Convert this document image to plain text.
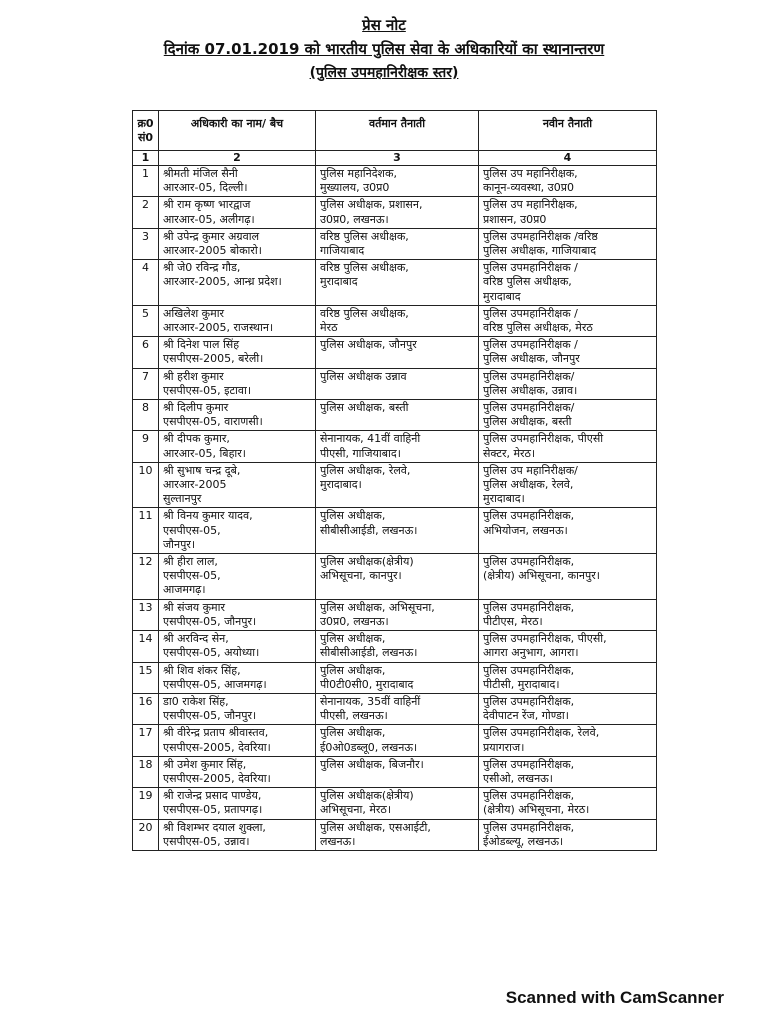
प्रेस नोट
दिनांक 07.01.2019 को भारतीय पुलिस सेवा के अधिकारियों का स्थानान्तरण
(पुलिस उपमहानिरीक्षक स्तर)
क्र0 सं0	अधिकारी का नाम/ बैच	वर्तमान तैनाती	नवीन तैनाती
1	2	3	4
1	श्रीमती मंजिल सैनी
आरआर-05, दिल्ली।	पुलिस महानिदेशक,
मुख्यालय, उ0प्र0	पुलिस उप महानिरीक्षक,
कानून-व्यवस्था, उ0प्र0

2	श्री राम कृष्ण भारद्वाज
आरआर-05, अलीगढ़।	पुलिस अधीक्षक, प्रशासन,
उ0प्र0, लखनऊ।	पुलिस उप महानिरीक्षक,
प्रशासन, उ0प्र0

3	श्री उपेन्द्र कुमार अग्रवाल
आरआर-2005 बोकारो।	वरिष्ठ पुलिस अधीक्षक,
गाजियाबाद	पुलिस उपमहानिरीक्षक /वरिष्ठ
पुलिस अधीक्षक, गाजियाबाद

4	श्री जे0 रविन्द्र गौड,
आरआर-2005, आन्ध्र प्रदेश।	वरिष्ठ पुलिस अधीक्षक,
मुरादाबाद	पुलिस उपमहानिरीक्षक /
वरिष्ठ पुलिस अधीक्षक,
मुरादाबाद

5	अखिलेश कुमार
आरआर-2005, राजस्थान।	वरिष्ठ पुलिस अधीक्षक,
मेरठ	पुलिस उपमहानिरीक्षक /
वरिष्ठ पुलिस अधीक्षक, मेरठ

6	श्री दिनेश पाल सिंह
एसपीएस-2005, बरेली।	पुलिस अधीक्षक, जौनपुर	पुलिस उपमहानिरीक्षक /
पुलिस अधीक्षक, जौनपुर

7	श्री हरीश कुमार
एसपीएस-05, इटावा।	पुलिस अधीक्षक उन्नाव	पुलिस उपमहानिरीक्षक/
पुलिस अधीक्षक, उन्नाव।

8	श्री दिलीप कुमार
एसपीएस-05, वाराणसी।	पुलिस अधीक्षक, बस्ती	पुलिस उपमहानिरीक्षक/
पुलिस अधीक्षक, बस्ती

9	श्री दीपक कुमार,
आरआर-05, बिहार।	सेनानायक, 41वीं वाहिनी
पीएसी, गाजियाबाद।	पुलिस उपमहानिरीक्षक, पीएसी
सेक्टर, मेरठ।

10	श्री सुभाष चन्द्र दूबे,
आरआर-2005
सुल्तानपुर	पुलिस अधीक्षक, रेलवे,
मुरादाबाद।	पुलिस उप महानिरीक्षक/
पुलिस अधीक्षक, रेलवे,
मुरादाबाद।

11	श्री विनय कुमार यादव,
एसपीएस-05,
जौनपुर।	पुलिस अधीक्षक,
सीबीसीआईडी, लखनऊ।	पुलिस उपमहानिरीक्षक,
अभियोजन, लखनऊ।

12	श्री हीरा लाल,
एसपीएस-05,
आजमगढ़।	पुलिस अधीक्षक(क्षेत्रीय)
अभिसूचना, कानपुर।	पुलिस उपमहानिरीक्षक,
(क्षेत्रीय) अभिसूचना, कानपुर।

13	श्री संजय कुमार
एसपीएस-05, जौनपुर।	पुलिस अधीक्षक, अभिसूचना,
उ0प्र0, लखनऊ।	पुलिस उपमहानिरीक्षक,
पीटीएस, मेरठ।

14	श्री अरविन्द सेन,
एसपीएस-05, अयोध्या।	पुलिस अधीक्षक,
सीबीसीआईडी, लखनऊ।	पुलिस उपमहानिरीक्षक, पीएसी,
आगरा अनुभाग, आगरा।

15	श्री शिव शंकर सिंह,
एसपीएस-05, आजमगढ़।	पुलिस अधीक्षक,
पी0टी0सी0, मुरादाबाद	पुलिस उपमहानिरीक्षक,
पीटीसी, मुरादाबाद।

16	डा0 राकेश सिंह,
एसपीएस-05, जौनपुर।	सेनानायक, 35वीं वाहिनीं
पीएसी, लखनऊ।	पुलिस उपमहानिरीक्षक,
देवीपाटन रेंज, गोण्डा।

17	श्री वीरेन्द्र प्रताप श्रीवास्तव,
एसपीएस-2005, देवरिया।	पुलिस अधीक्षक,
ई0ओ0डब्लू0, लखनऊ।	पुलिस उपमहानिरीक्षक, रेलवे,
प्रयागराज।

18	श्री उमेश कुमार सिंह,
एसपीएस-2005, देवरिया।	पुलिस अधीक्षक, बिजनौर।	पुलिस उपमहानिरीक्षक,
एसीओ, लखनऊ।

19	श्री राजेन्द्र प्रसाद पाण्डेय,
एसपीएस-05, प्रतापगढ़।	पुलिस अधीक्षक(क्षेत्रीय)
अभिसूचना, मेरठ।	पुलिस उपमहानिरीक्षक,
(क्षेत्रीय) अभिसूचना, मेरठ।

20	श्री विशम्भर दयाल शुक्ला,
एसपीएस-05, उन्नाव।	पुलिस अधीक्षक, एसआईटी,
लखनऊ।	पुलिस उपमहानिरीक्षक,
ईओडब्ल्यू, लखनऊ।
Scanned with CamScanner
